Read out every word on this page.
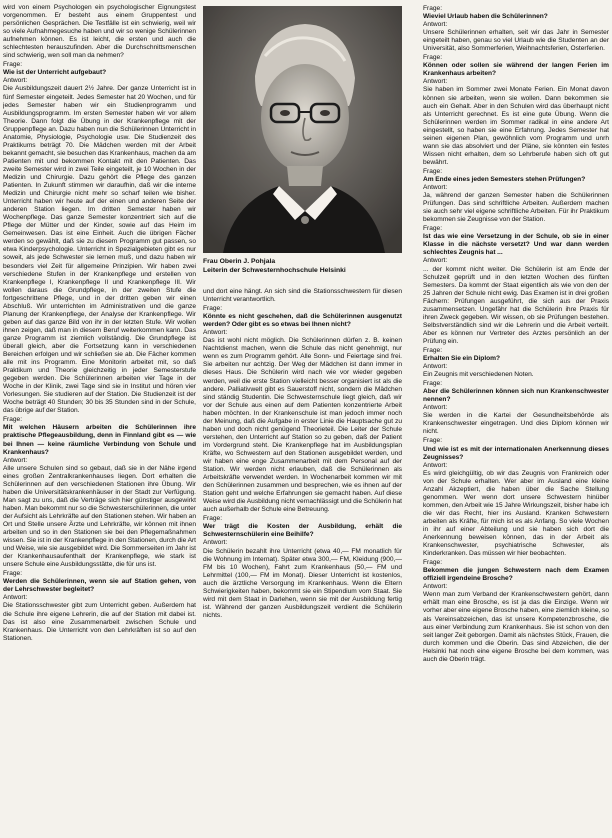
wird von einem Psychologen ein psychologischer Eignungstest vorgenommen. Er besteht aus einem Gruppentest und persönlichen Gesprächen. Die Testfälle ist ein schwierig, weil wir so viele Aufnahmegesuche haben und wir so wenige Schülerinnen aufnehmen können. Es ist leicht, die ersten und auch die schlechtesten herauszufinden. Aber die Durchschnittsmenschen sind schwierig, wen soll man da nehmen?

Frage:
Wie ist der Unterricht aufgebaut?
Antwort:
Die Ausbildungszeit dauert 2½ Jahre. Der ganze Unterricht ist in fünf Semester eingeteilt. Jedes Semester hat 20 Wochen, und für jedes Semester haben wir ein Studienprogramm und Ausbildungsprogramm. Im ersten Semester haben wir vor allem Theorie. Dann folgt die Übung in der Krankenpflege mit der Gruppenpflege an. Dazu haben nun die Schülerinnen Unterricht in Anatomie, Physiologie, Psychologie usw. Die Studienzeit des Praktikums beträgt 70. Die Mädchen werden mit der Arbeit bekannt gemacht, sie besuchen das Krankenhaus, machen da am Patienten mit und bekommen Kontakt mit den Patienten. Das zweite Semester wird in zwei Teile eingeteilt, je 10 Wochen in der Medizin und Chirurgie. Dazu gehört die Pflege des ganzen Patienten. In Zukunft stimmen wir daraufhin, daß wir die interne Medizin und Chirurgie nicht mehr so scharf teilen wie bisher. Unterricht haben wir heute auf der einen und anderen Seite der anderen Station liegen. Im dritten Semester haben wir Wochenpflege. Das ganze Semester konzentriert sich auf die Pflege der Mütter und der Kinder, sowie auf das Heim im Gemeinwesen. Das ist eine Einheit. Auch die übrigen Fächer werden so gewählt, daß sie zu diesem Programm gut passen, so etwa Kinderpsychologie. Unterricht in Spezialgebieten gibt es nur soweit, als jede Schwester sie lernen muß, und dazu haben wir besonders viel Zeit für allgemeine Prinzipien. Wir haben zwei verschiedene Stufen in der Krankenpflege und erstellen von Krankenpflege I, Krankenpflege II und Krankenpflege III. Wir wollen daraus die Grundpflege, in der zweiten Stufe die fortgeschrittene Pflege, und in der dritten geben wir einen Abschluß. Wir unterrichten im Administrativen und die ganze Planung der Krankenpflege, der Analyse der Krankenpflege. Wir geben auf das ganze Bild von ihr in der letzten Stufe. Wir wollen ihnen zeigen, daß man in diesem Beruf weiterkommen kann. Das ganze Programm ist ziemlich vollständig. Die Grundpflege ist überall gleich, aber die Fortsetzung kann in verschiedenen Bereichen erfolgen und wir schließen sie ab. Die Fächer kommen alle mit ins Programm. Eine Monitorin arbeitet mit, so daß Praktikum und Theorie gleichzeitig in jeder Semesterstufe gegeben werden. Die Schülerinnen arbeiten vier Tage in der Woche in der Klinik, zwei Tage sind sie in Institut und hören vier Vorlesungen. Sie studieren auf der Station. Die Studienzeit ist der Woche beträgt 40 Stunden; 30 bis 35 Stunden sind in der Schule, das übrige auf der Station.
Frage:
Mit welchen Häusern arbeiten die Schülerinnen ihre praktische Pflegeausbildung, denn in Finnland gibt es — wie bei Ihnen — keine räumliche Verbindung von Schule und Krankenhaus?
Antwort:
Alle unsere Schulen sind so gebaut, daß sie in der Nähe irgend eines großen Zentralkrankenhauses liegen. Dort erhalten die Schülerinnen auf den verschiedenen Stationen ihre Übung. Wir haben die Universitätskrankenhäuser in der Stadt zur Verfügung. Man sagt zu uns, daß die Verträge sich hier günstiger ausgewirkt haben. Man bekommt nur so die Schwesterschülerinnen, die unter der Aufsicht als Lehrkräfte auf den Stationen stehen. Wir haben an Ort und Stelle unsere Ärzte und Lehrkräfte, wir können mit ihnen arbeiten und so in den Stationen sie bei den Pflegemaßnahmen wissen. Sie ist in der Krankenpflege in den Stationen, durch die Art und Weise, wie sie ausgebildet wird. Die Sommerseiten im Jahr ist der Krankenhausaufenthalt der Krankenpflege, wie stark ist unsere Schule eine Ausbildungsstätte, die für uns ist.
Frage:
Werden die Schülerinnen, wenn sie auf Station gehen, von der Lehrschwester begleitet?
Antwort:
Die Stationsschwester gibt zum Unterricht geben. Außerdem hat die Schule ihre eigene Lehrerin, die auf der Station mit dabei ist. Das ist also eine Zusammenarbeit zwischen Schule und Krankenhaus. Die Unterricht von den Lehrkräften ist so auf den Stationen.
Frau Oberin J. Pohjala
Leiterin der Schwesternhochschule Helsinki

und dort eine hängt. An sich sind die Stationsschwestern für diesen Unterricht verantwortlich.

Frage:
Könnte es nicht geschehen, daß die Schülerinnen ausgenutzt werden? Oder gibt es so etwas bei Ihnen nicht?
Antwort:
Das ist wohl nicht möglich. Die Schülerinnen dürfen z. B. keinen Nachtdienst machen, wenn die Schule das nicht genehmigt, nur wenn es zum Programm gehört. Alle Sonn- und Feiertage sind frei. Sie arbeiten nur achtzig. Der Weg der Mädchen ist dann immer in dieses Haus. Die Schülerin wird nach wie vor wieder gegeben werden, weil die erste Station vielleicht besser organisiert ist als die andere. Palliativwelt gibt es Sauerstoff nicht, sondern die Mädchen sind ständig Studentin. Die Schwesternschule liegt gleich, daß wir vor der Schule aus einen auf dem Patienten konzentrierte Arbeit haben möchten. In der Krankenschule ist man jedoch immer noch der Meinung, daß die Aufgabe in erster Linie die Hauptsache gut zu haben und doch nicht genügend Theorieteil. Die Leiter der Schule verstehen, den Unterricht auf Station so zu geben, daß der Patient im Vordergrund steht. Die Krankenpflege hat im Ausbildungsplan Kräfte, wo Schwestern auf den Stationen ausgebildet werden, und wir haben eine enge Zusammenarbeit mit dem Personal auf der Station. Wir werden nicht erlauben, daß die Schülerinnen als Arbeitskräfte verwendet werden. In Wochenarbeit kommen wir mit den Schülerinnen zusammen und besprechen, wie es ihnen auf der Station geht und welche Erfahrungen sie gemacht haben. Auf diese Weise wird die Ausbildung nicht vernachlässigt und die Schülerin hat auch außerhalb der Schule eine Betreuung.
Frage:
Wer trägt die Kosten der Ausbildung, erhält die Schwesternschülerin eine Beihilfe?
Antwort:
Die Schülerin bezahlt ihre Unterricht (etwa 40,— FM monatlich für die Wohnung im Internat). Später etwa 300,— FM, Kleidung (900,— FM bis 10 Wochen), Fahrt zum Krankenhaus (50,— FM und Lehrmittel (100,— FM im Monat). Dieser Unterricht ist kostenlos, auch die ärztliche Versorgung im Krankenhaus. Wenn die Eltern Schwierigkeiten haben, bekommt sie ein Stipendium vom Staat. Sie wird mit dem Staat in Darlehen, wenn sie mit der Ausbildung fertig ist. Während der ganzen Ausbildungszeit verdient die Schülerin nichts.
Frage:
Wieviel Urlaub haben die Schülerinnen?
Antwort:
Unsere Schülerinnen erhalten, seit wir das Jahr in Semester eingeteilt haben, genau so viel Urlaub wie die Studenten an der Universität, also Sommerferien, Weihnachtsferien, Osterferien.
Frage:
Können oder sollen sie während der langen Ferien im Krankenhaus arbeiten?
Antwort:
Sie haben im Sommer zwei Monate Ferien. Ein Monat davon können sie arbeiten, wenn sie wollen. Dann bekommen sie auch ein Gehalt. Aber in den Schulen wird das überhaupt nicht als Unterricht gerechnet. Es ist eine gute Übung. Wenn die Schülerinnen werden im Sommer radikal in eine andere Art eingestellt, so haben sie eine Erfahrung. Jedes Semester hat seinen eigenen Plan, gewöhnlich vom Programm und unrh wann sie das absolviert und der Pläne, sie könnten ein festes Wissen nicht erhalten, dem so Lehrberufe haben sich oft gut bewährt.
Frage:
Am Ende eines jeden Semesters stehen Prüfungen?
Antwort:
Ja, während der ganzen Semester haben die Schülerinnen Prüfungen. Das sind schriftliche Arbeiten. Außerdem machen sie auch sehr viel eigene schriftliche Arbeiten. Für ihr Praktikum bekommen sie Zeugnisse von der Station.
Frage:
Ist das wie eine Versetzung in der Schule, ob sie in einer Klasse in die nächste versetzt? Und war dann werden schlechtes Zeugnis hat ...
Antwort:
... der kommt nicht weiter. Die Schülerin ist am Ende der Schulzeit geprüft und in den letzten Wochen des fünften Semesters. Da kommt der Staat eigentlich als wie von den der 25 Jahren der Schule nicht ewig. Das Examen ist in drei großen Fächern: Prüfungen ausgeführt, die sich aus der Praxis zusammensetzen. Ungefähr hat die Schülerin ihre Praxis für ihren Zweck gegeben. Wir wissen, ob sie Prüfungen bestehen. Selbstverständlich sind wir die Lehrerin und die Arbeit verteilt. Aber es können nur Vertreter des Arztes persönlich an der Prüfung ein.
Frage:
Erhalten Sie ein Diplom?
Antwort:
Ein Zeugnis mit verschiedenen Noten.
Frage:
Aber die Schülerinnen können sich nun Krankenschwester nennen?
Antwort:
Sie werden in die Kartei der Gesundheitsbehörde als Krankenschwester eingetragen. Und dies Diplom können wir nicht.
Frage:
Und wie ist es mit der internationalen Anerkennung dieses Zeugnisses?
Antwort:
Es wird gleichgültig, ob wir das Zeugnis von Frankreich oder von der Schule erhalten. Wer aber im Ausland eine kleine Anzahl Akzeptiert, die haben über die Sache Stellung genommen. Wer wenn dort unsere Schwestern hinüber kommen, den Arbeit wie 15 Jahre Wirkungszeit, bisher habe ich die wir das Recht, hier ins Ausland. Kranken Schwestern arbeiten als Kräfte, für mich ist es als Anfang. So viele Wochen in ihr auf einer Abteilung und sie haben sich dort die Anerkennung beweisen können, das in der Arbeit als Krankenschwester, psychiatrische Schwester, als Kinderkranken. Das müssen wir hier beobachten.
Frage:
Bekommen die jungen Schwestern nach dem Examen offiziell irgendeine Brosche?
Antwort:
Wenn man zum Verband der Krankenschwestern gehört, dann erhält man eine Brosche, es ist ja das die Einzige. Wenn wir vorher aber eine eigene Brosche haben, eine ziemlich kleine, so als Vereinsabzeichen, das ist unsere Kompetenzbrosche, die aus einer Verbindung zum Krankenhaus. Sie ist schon von den seit langer Zeit geborgen. Damit als nächstes Stück, Frauen, die durch kommen und die Oberin. Das sind Abzeichen, die der Helsinki hat noch eine eigene Brosche bei dem kommen, was auch die Oberin trägt.
